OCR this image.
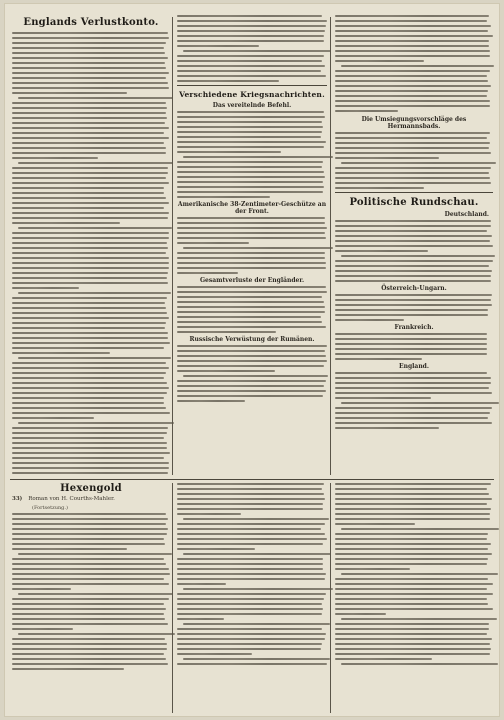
Englands Verlustkonto.
Verschiedene Kriegsnachrichten.
Das vereitelnde Befehl.
Amerikanische 38-Zentimeter-Geschütze an der Front.
Gesamtverluste der Engländer.
Russische Verwüstung der Rumänen.
Die Umsiegungsvorschläge des Hermannsbads.
Politische Rundschau.
Deutschland.
Österreich-Ungarn.
Frankreich.
England.
Hexengold
33) Roman von H. Courths-Mahler.
(Fortsetzung.)
